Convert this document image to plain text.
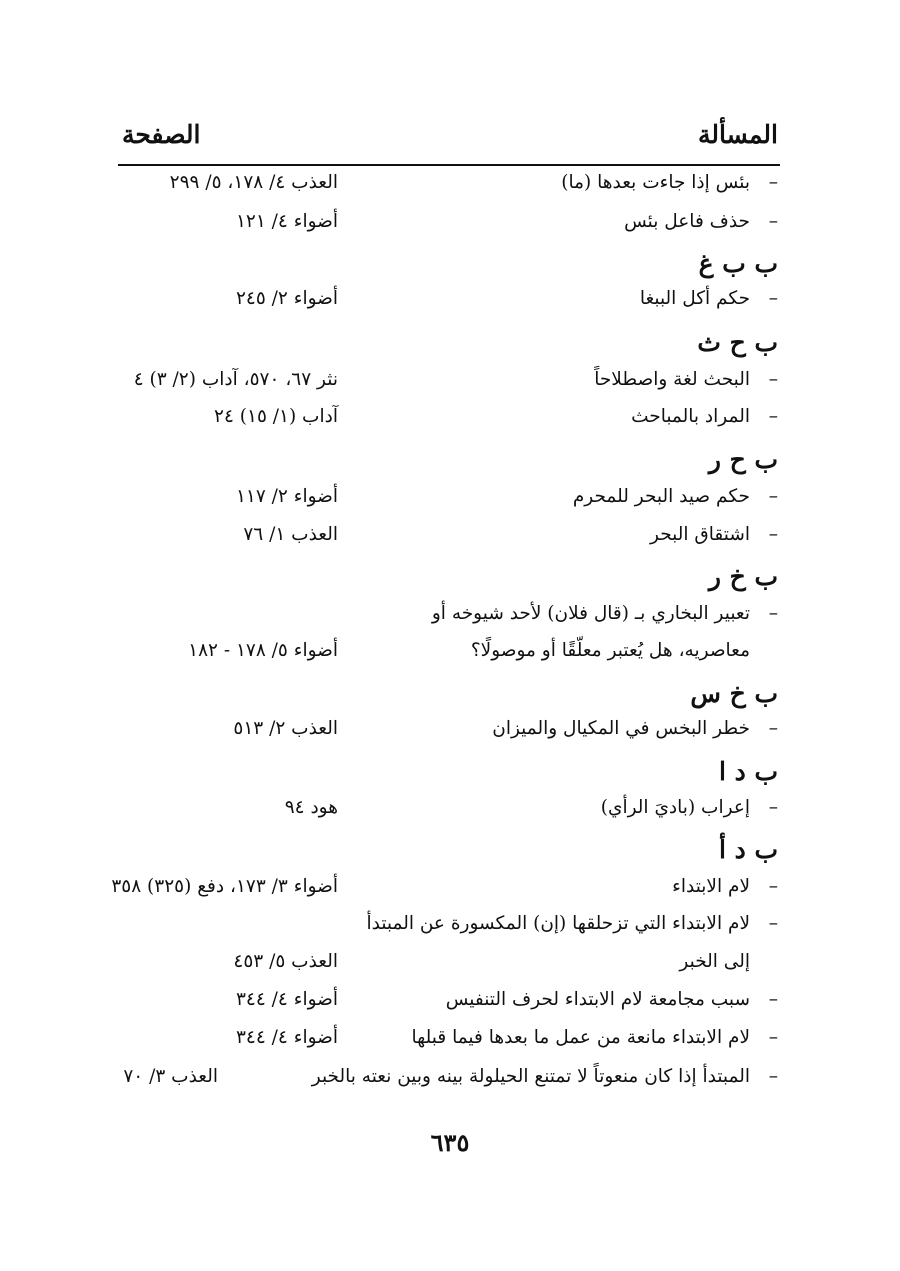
المسألة
الصفحة
–
بئس إذا جاءت بعدها (ما)
العذب ٤/ ١٧٨، ٥/ ٢٩٩
–
حذف فاعل بئس
أضواء ٤/ ١٢١
ب ب غ
–
حكم أكل الببغا
أضواء ٢/ ٢٤٥
ب ح ث
–
البحث لغة واصطلاحاً
نثر ٦٧، ٥٧٠، آداب (٢/ ٣) ٤
–
المراد بالمباحث
آداب (١/ ١٥) ٢٤
ب ح ر
–
حكم صيد البحر للمحرم
أضواء ٢/ ١١٧
–
اشتقاق البحر
العذب ١/ ٧٦
ب خ ر
–
تعبير البخاري بـ (قال فلان) لأحد شيوخه أو
معاصريه، هل يُعتبر معلّقًا أو موصولًا؟
أضواء ٥/ ١٧٨ - ١٨٢
ب خ س
–
خطر البخس في المكيال والميزان
العذب ٢/ ٥١٣
ب د ا
–
إعراب (باديَ الرأي)
هود ٩٤
ب د أ
–
لام الابتداء
أضواء ٣/ ١٧٣، دفع (٣٢٥) ٣٥٨
–
لام الابتداء التي تزحلقها (إن) المكسورة عن المبتدأ
إلى الخبر
العذب ٥/ ٤٥٣
–
سبب مجامعة لام الابتداء لحرف التنفيس
أضواء ٤/ ٣٤٤
–
لام الابتداء مانعة من عمل ما بعدها فيما قبلها
أضواء ٤/ ٣٤٤
–
المبتدأ إذا كان منعوتاً لا تمتنع الحيلولة بينه وبين نعته بالخبر
العذب ٣/ ٧٠
٦٣٥
